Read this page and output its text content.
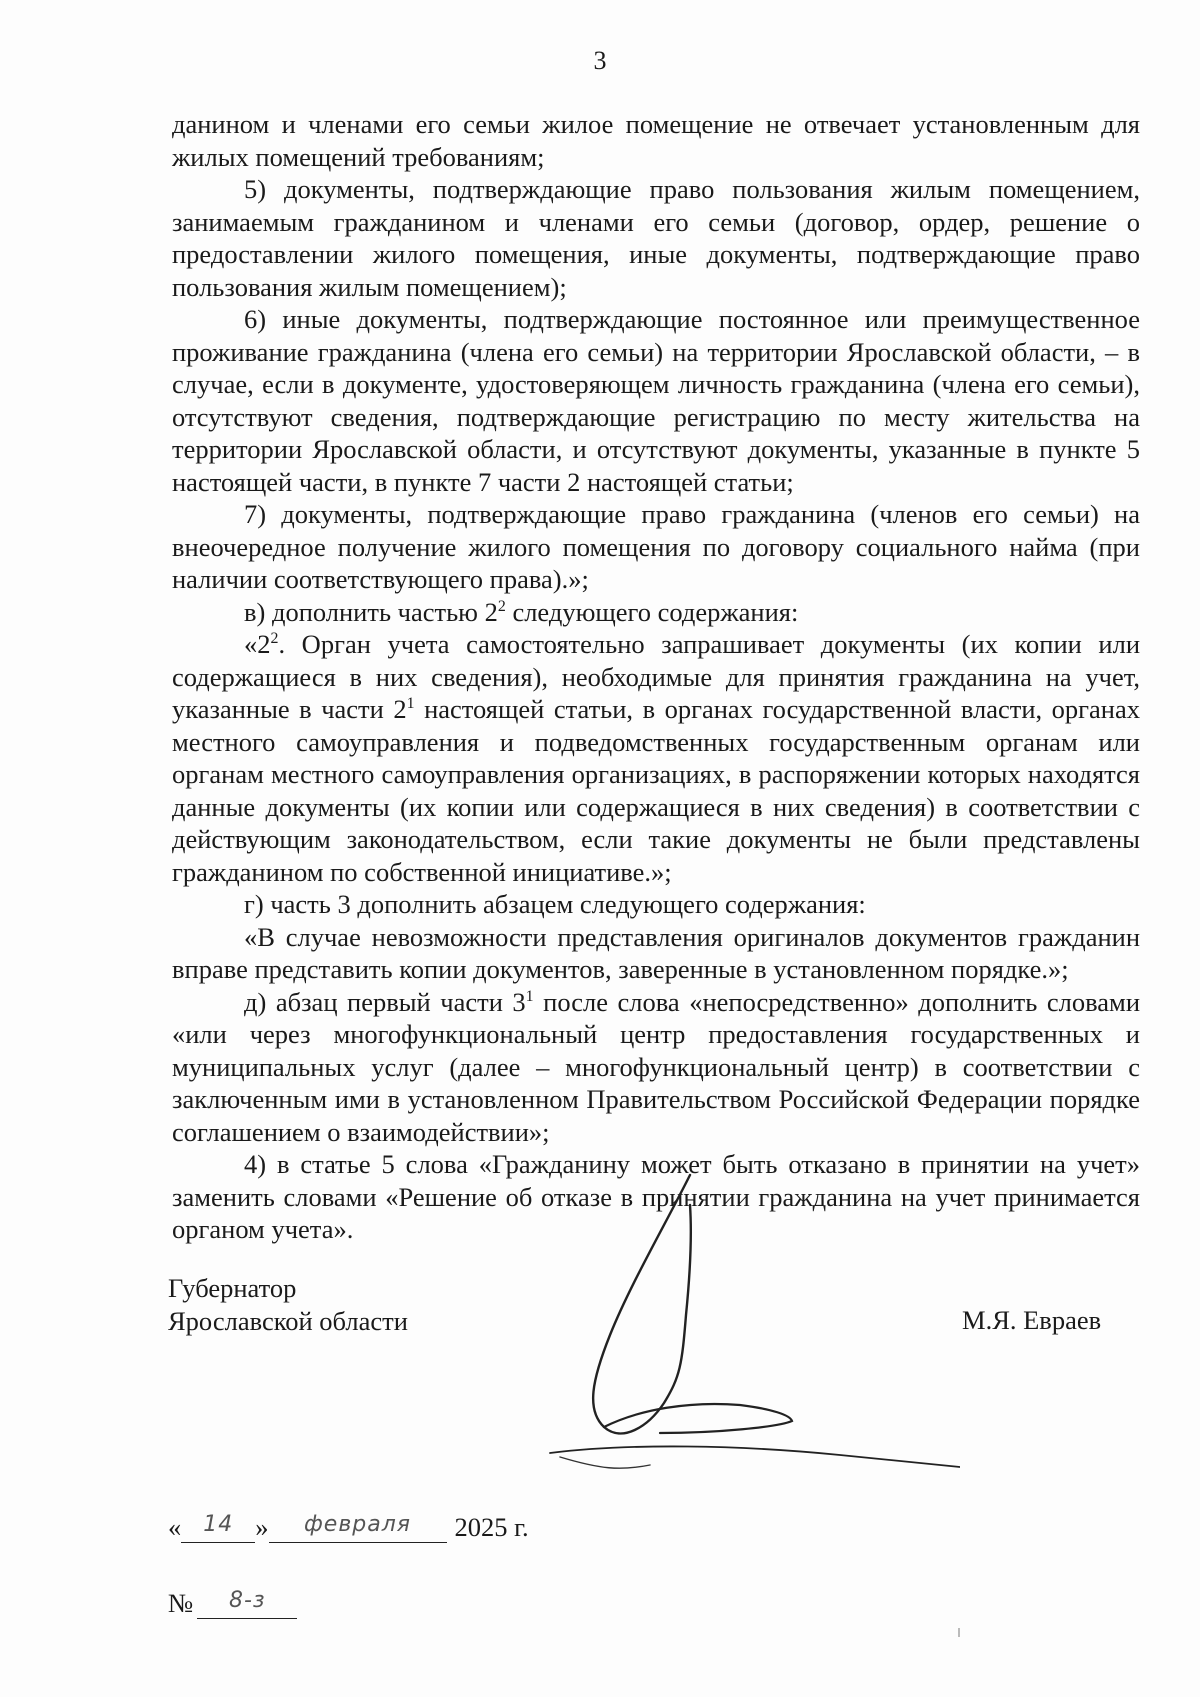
3

данином и членами его семьи жилое помещение не отвечает установленным для жилых помещений требованиям;

5) документы, подтверждающие право пользования жилым помещением, занимаемым гражданином и членами его семьи (договор, ордер, решение о предоставлении жилого помещения, иные документы, подтверждающие право пользования жилым помещением);

6) иные документы, подтверждающие постоянное или преимущественное проживание гражданина (члена его семьи) на территории Ярославской области, – в случае, если в документе, удостоверяющем личность гражданина (члена его семьи), отсутствуют сведения, подтверждающие регистрацию по месту жительства на территории Ярославской области, и отсутствуют документы, указанные в пункте 5 настоящей части, в пункте 7 части 2 настоящей статьи;

7) документы, подтверждающие право гражданина (членов его семьи) на внеочередное получение жилого помещения по договору социального найма (при наличии соответствующего права).»;

в) дополнить частью $2^2$ следующего содержания:

«$2^2$. Орган учета самостоятельно запрашивает документы (их копии или содержащиеся в них сведения), необходимые для принятия гражданина на учет, указанные в части $2^1$ настоящей статьи, в органах государственной власти, органах местного самоуправления и подведомственных государственным органам или органам местного самоуправления организациях, в распоряжении которых находятся данные документы (их копии или содержащиеся в них сведения) в соответствии с действующим законодательством, если такие документы не были представлены гражданином по собственной инициативе.»;

г) часть 3 дополнить абзацем следующего содержания:

«В случае невозможности представления оригиналов документов гражданин вправе представить копии документов, заверенные в установленном порядке.»;

д) абзац первый части $3^1$ после слова «непосредственно» дополнить словами «или через многофункциональный центр предоставления государственных и муниципальных услуг (далее – многофункциональный центр) в соответствии с заключенным ими в установленном Правительством Российской Федерации порядке соглашением о взаимодействии»;

4) в статье 5 слова «Гражданину может быть отказано в принятии на учет» заменить словами «Решение об отказе в принятии гражданина на учет принимается органом учета».

Губернатор
Ярославской области	М.Я. Евраев
«	14 »	февраля	2025 г.
№	8-з
